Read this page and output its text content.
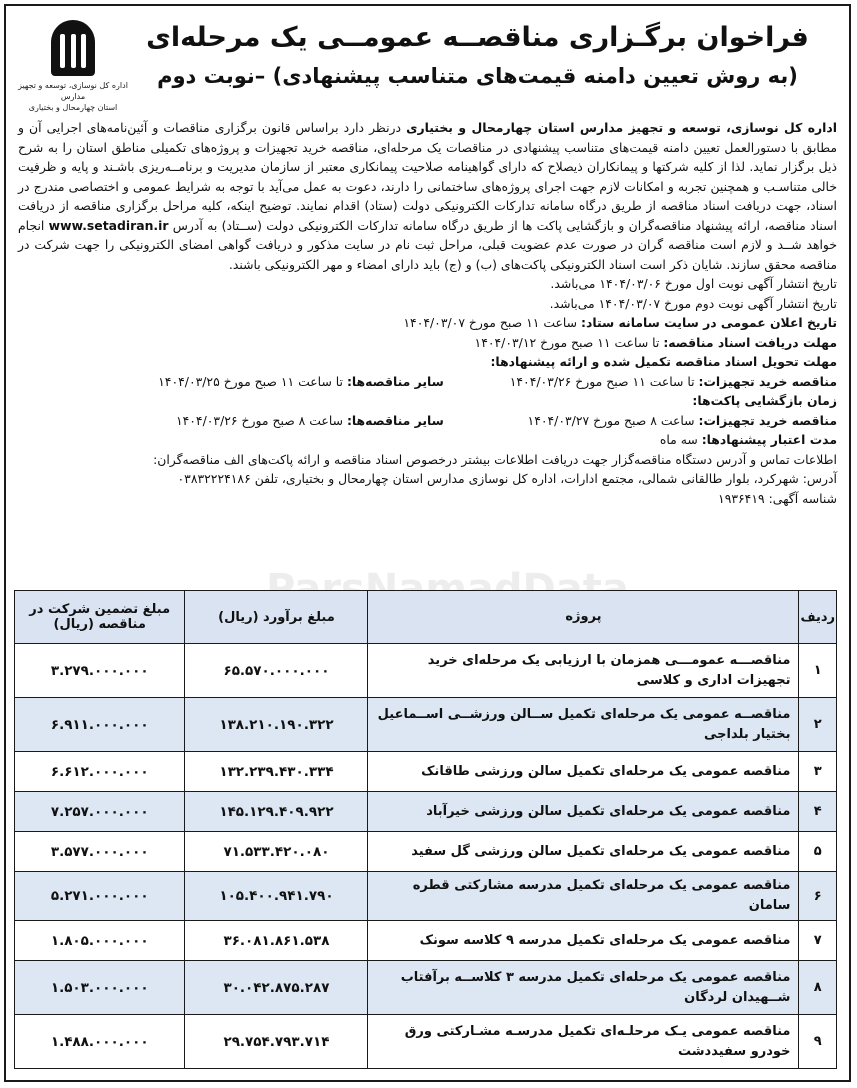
فراخوان برگـزاری مناقصــه عمومــی یک مرحله‌ای
(به روش تعیین دامنه قیمت‌های متناسب پیشنهادی) –نوبت دوم
اداره کل نوسازی، توسعه و تجهیز مدارس
استان چهارمحال و بختیاری

اداره کل نوسازی، توسعه و تجهیز مدارس استان چهارمحال و بختیاری درنظر دارد براساس قانون برگزاری مناقصات و آئین‌نامه‌های اجرایی آن و مطابق با دستورالعمل تعیین دامنه قیمت‌های متناسب پیشنهادی در مناقصات یک مرحله‌ای، مناقصه خرید تجهیزات و پروژه‌های تکمیلی مناطق استان را به شرح ذیل برگزار نماید. لذا از کلیه شرکتها و پیمانکاران ذیصلاح که دارای گواهینامه صلاحیت پیمانکاری معتبر از سازمان مدیریت و برنامــه‌ریزی باشـند و پایه و ظرفیت خالی متناسـب و همچنین تجربه و امکانات لازم جهت اجرای پروژه‌های ساختمانی را دارند، دعوت به عمل می‌آید با توجه به شرایط عمومی و اختصاصی مندرج در اسناد، جهت دریافت اسناد مناقصه از طریق درگاه سامانه تدارکات الکترونیکی دولت (ستاد) اقدام نمایند. توضیح اینکه، کلیه مراحل برگزاری مناقصه از دریافت اسناد مناقصه، ارائه پیشنهاد مناقصه‌گران و بازگشایی پاکت ها از طریق درگاه سامانه تدارکات الکترونیکی دولت (ســتاد) به آدرس www.setadiran.ir انجام خواهد شــد و لازم است مناقصه گران در صورت عدم عضویت قبلی، مراحل ثبت نام در سایت مذکور و دریافت گواهی امضای الکترونیکی را جهت شرکت در مناقصه محقق سازند. شایان ذکر است اسناد الکترونیکی پاکت‌های (ب) و (ج) باید دارای امضاء و مهر الکترونیکی باشند.

تاریخ انتشار آگهی نوبت اول مورخ ۱۴۰۴/۰۳/۰۶ می‌باشد.

تاریخ انتشار آگهی نوبت دوم مورخ ۱۴۰۴/۰۳/۰۷ می‌باشد.

تاریخ اعلان عمومی در سایت سامانه ستاد: ساعت ۱۱ صبح مورخ ۱۴۰۴/۰۳/۰۷

مهلت دریافت اسناد مناقصه: تا ساعت ۱۱ صبح مورخ ۱۴۰۴/۰۳/۱۲

مهلت تحویل اسناد مناقصه تکمیل شده و ارائه پیشنهادها:

مناقصه خرید تجهیزات: تا ساعت ۱۱ صبح مورخ ۱۴۰۴/۰۳/۲۶
سایر مناقصه‌ها: تا ساعت ۱۱ صبح مورخ ۱۴۰۴/۰۳/۲۵

زمان بازگشایی پاکت‌ها:

مناقصه خرید تجهیزات: ساعت ۸ صبح مورخ ۱۴۰۴/۰۳/۲۷
سایر مناقصه‌ها: ساعت ۸ صبح مورخ ۱۴۰۴/۰۳/۲۶

مدت اعتبار پیشنهادها: سه ماه

اطلاعات تماس و آدرس دستگاه مناقصه‌گزار جهت دریافت اطلاعات بیشتر درخصوص اسناد مناقصه و ارائه پاکت‌های الف مناقصه‌گران:

آدرس: شهرکرد، بلوار طالقانی شمالی، مجتمع ادارات، اداره کل نوسازی مدارس استان چهارمحال و بختیاری، تلفن ۰۳۸۳۲۲۲۴۱۸۶

شناسه آگهی: ۱۹۳۶۴۱۹

ParsNamadData
ردیف	پروژه	مبلغ برآورد (ریال)	مبلغ تضمین شرکت در مناقصه (ریال)
۱	مناقصـــه عمومـــی همزمان با ارزیابی یک مرحله‌ای خرید تجهیزات اداری و کلاسی	۶۵.۵۷۰.۰۰۰.۰۰۰	۳.۲۷۹.۰۰۰.۰۰۰
۲	مناقصــه عمومی یک مرحله‌ای تکمیل ســالن ورزشــی اســماعیل بختیار بلداجی	۱۳۸.۲۱۰.۱۹۰.۳۲۲	۶.۹۱۱.۰۰۰.۰۰۰
۳	مناقصه عمومی یک مرحله‌ای تکمیل سالن ورزشی طاقانک	۱۳۲.۲۳۹.۴۳۰.۳۳۴	۶.۶۱۲.۰۰۰.۰۰۰
۴	مناقصه عمومی یک مرحله‌ای تکمیل سالن ورزشی خیرآباد	۱۴۵.۱۲۹.۴۰۹.۹۲۲	۷.۲۵۷.۰۰۰.۰۰۰
۵	مناقصه عمومی یک مرحله‌ای تکمیل سالن ورزشی گل سفید	۷۱.۵۳۳.۴۲۰.۰۸۰	۳.۵۷۷.۰۰۰.۰۰۰
۶	مناقصه عمومی یک مرحله‌ای تکمیل مدرسه مشارکتی قطره سامان	۱۰۵.۴۰۰.۹۴۱.۷۹۰	۵.۲۷۱.۰۰۰.۰۰۰
۷	مناقصه عمومی یک مرحله‌ای تکمیل مدرسه ۹ کلاسه سونک	۳۶.۰۸۱.۸۶۱.۵۳۸	۱.۸۰۵.۰۰۰.۰۰۰
۸	مناقصه عمومی یک مرحله‌ای تکمیل مدرسه ۳ کلاســه برآفتاب شــهیدان لردگان	۳۰.۰۴۲.۸۷۵.۲۸۷	۱.۵۰۳.۰۰۰.۰۰۰
۹	مناقصه عمومی یـک مرحلـه‌ای تکمیل مدرسـه مشـارکتی ورق خودرو سفیددشت	۲۹.۷۵۴.۷۹۳.۷۱۴	۱.۴۸۸.۰۰۰.۰۰۰
